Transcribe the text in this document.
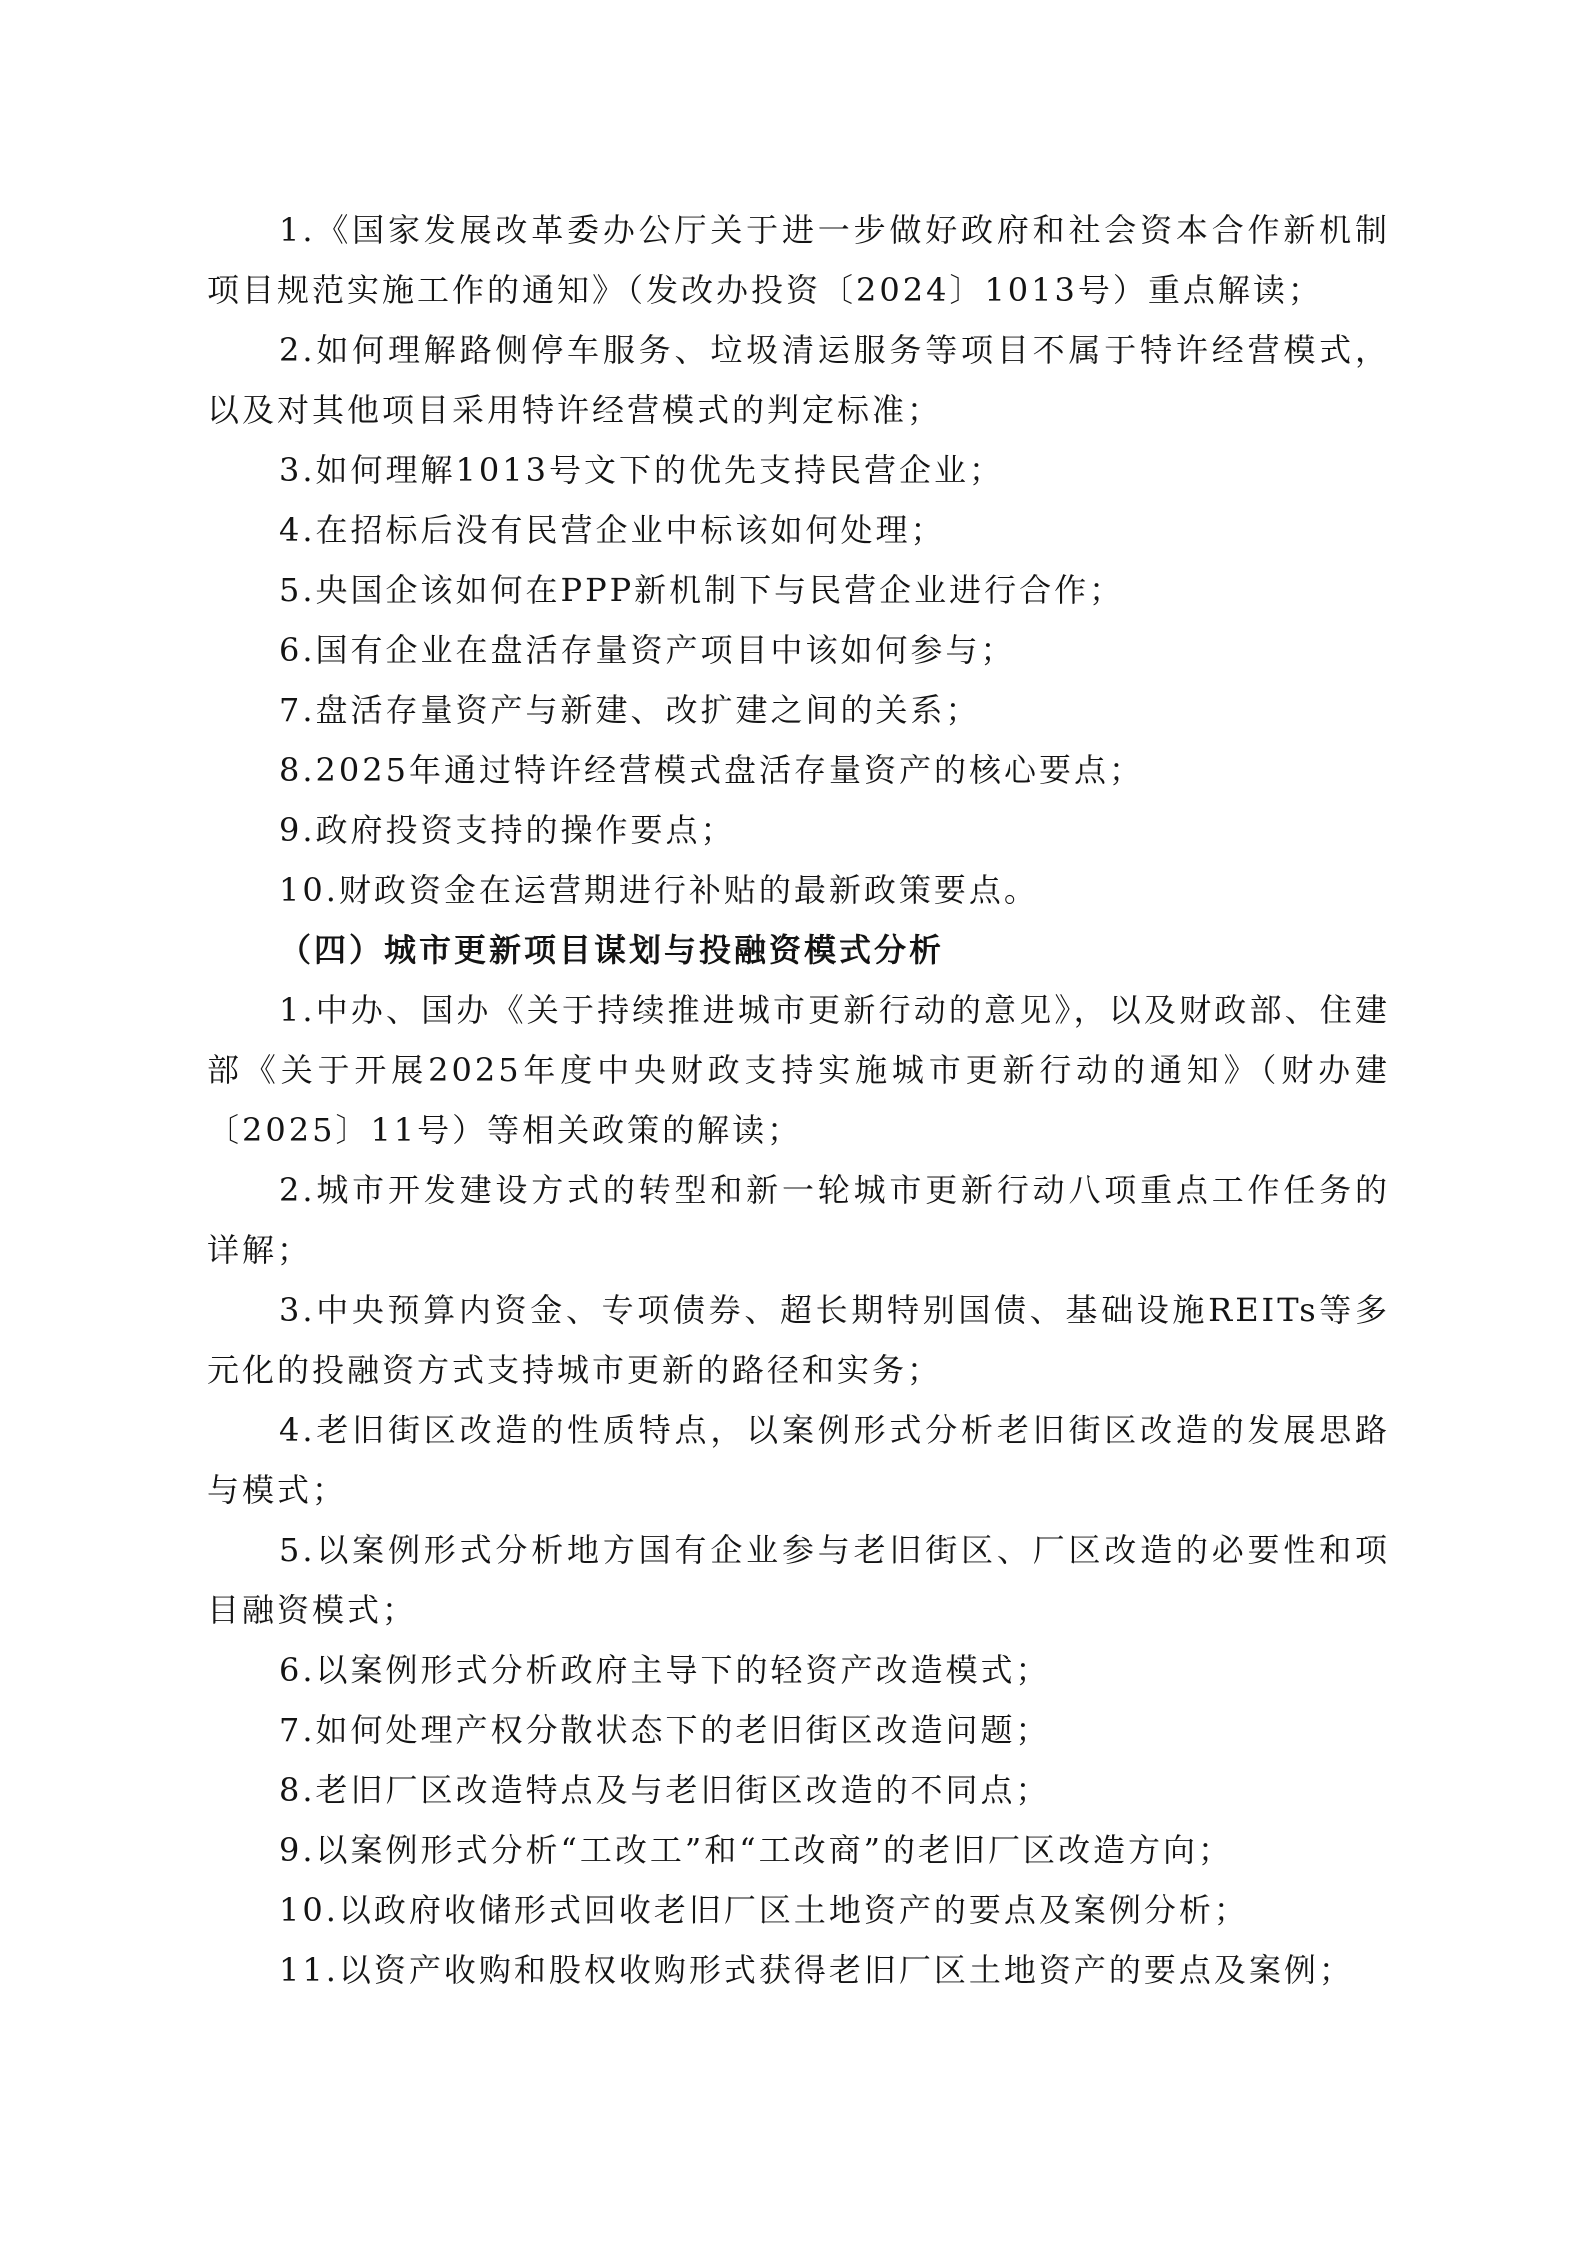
1.《国家发展改革委办公厅关于进一步做好政府和社会资本合作新机制项目规范实施工作的通知》（发改办投资〔2024〕1013号）重点解读；

2.如何理解路侧停车服务、垃圾清运服务等项目不属于特许经营模式，以及对其他项目采用特许经营模式的判定标准；

3.如何理解1013号文下的优先支持民营企业；

4.在招标后没有民营企业中标该如何处理；

5.央国企该如何在PPP新机制下与民营企业进行合作；

6.国有企业在盘活存量资产项目中该如何参与；

7.盘活存量资产与新建、改扩建之间的关系；

8.2025年通过特许经营模式盘活存量资产的核心要点；

9.政府投资支持的操作要点；

10.财政资金在运营期进行补贴的最新政策要点。

（四）城市更新项目谋划与投融资模式分析

1.中办、国办《关于持续推进城市更新行动的意见》，以及财政部、住建部《关于开展2025年度中央财政支持实施城市更新行动的通知》（财办建〔2025〕11号）等相关政策的解读；

2.城市开发建设方式的转型和新一轮城市更新行动八项重点工作任务的详解；

3.中央预算内资金、专项债券、超长期特别国债、基础设施REITs等多元化的投融资方式支持城市更新的路径和实务；

4.老旧街区改造的性质特点，以案例形式分析老旧街区改造的发展思路与模式；

5.以案例形式分析地方国有企业参与老旧街区、厂区改造的必要性和项目融资模式；

6.以案例形式分析政府主导下的轻资产改造模式；

7.如何处理产权分散状态下的老旧街区改造问题；

8.老旧厂区改造特点及与老旧街区改造的不同点；

9.以案例形式分析“工改工”和“工改商”的老旧厂区改造方向；

10.以政府收储形式回收老旧厂区土地资产的要点及案例分析；

11.以资产收购和股权收购形式获得老旧厂区土地资产的要点及案例；
